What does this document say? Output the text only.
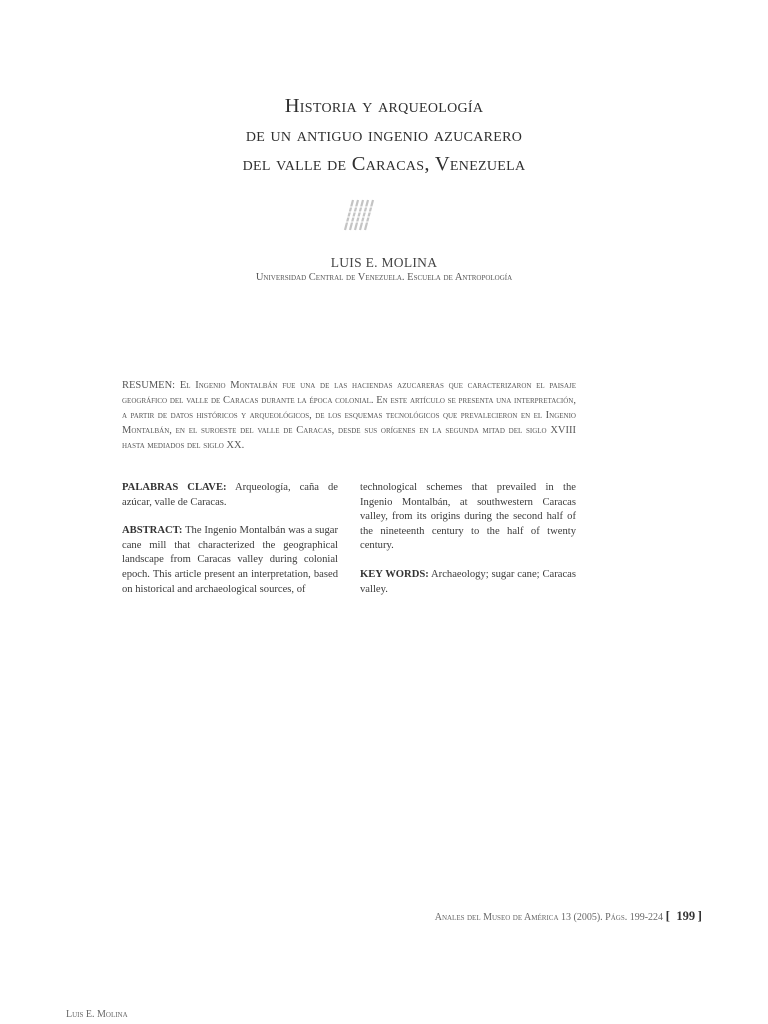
Historia y arqueología
de un antiguo ingenio azucarero
del valle de Caracas, Venezuela
LUIS E. MOLINA
Universidad Central de Venezuela. Escuela de Antropología
RESUMEN: El Ingenio Montalbán fue una de las haciendas azucareras que caracterizaron el paisaje geográfico del valle de Caracas durante la época colonial. En este artículo se presenta una interpretación, a partir de datos históricos y arqueológicos, de los esquemas tecnológicos que prevalecieron en el Ingenio Montalbán, en el suroeste del valle de Caracas, desde sus orígenes en la segunda mitad del siglo XVIII hasta mediados del siglo XX.

PALABRAS CLAVE: Arqueología, caña de azúcar, valle de Caracas.

ABSTRACT: The Ingenio Montalbán was a sugar cane mill that characterized the geographical landscape from Caracas valley during colonial epoch. This article present an interpretation, based on historical and archaeological sources, of

technological schemes that prevailed in the Ingenio Montalbán, at southwestern Caracas valley, from its origins during the second half of the nineteenth century to the half of twenty century.

KEY WORDS: Archaeology; sugar cane; Caracas valley.

Anales del Museo de América 13 (2005). Págs. 199-224 [ 199 ]
Luis E. Molina
